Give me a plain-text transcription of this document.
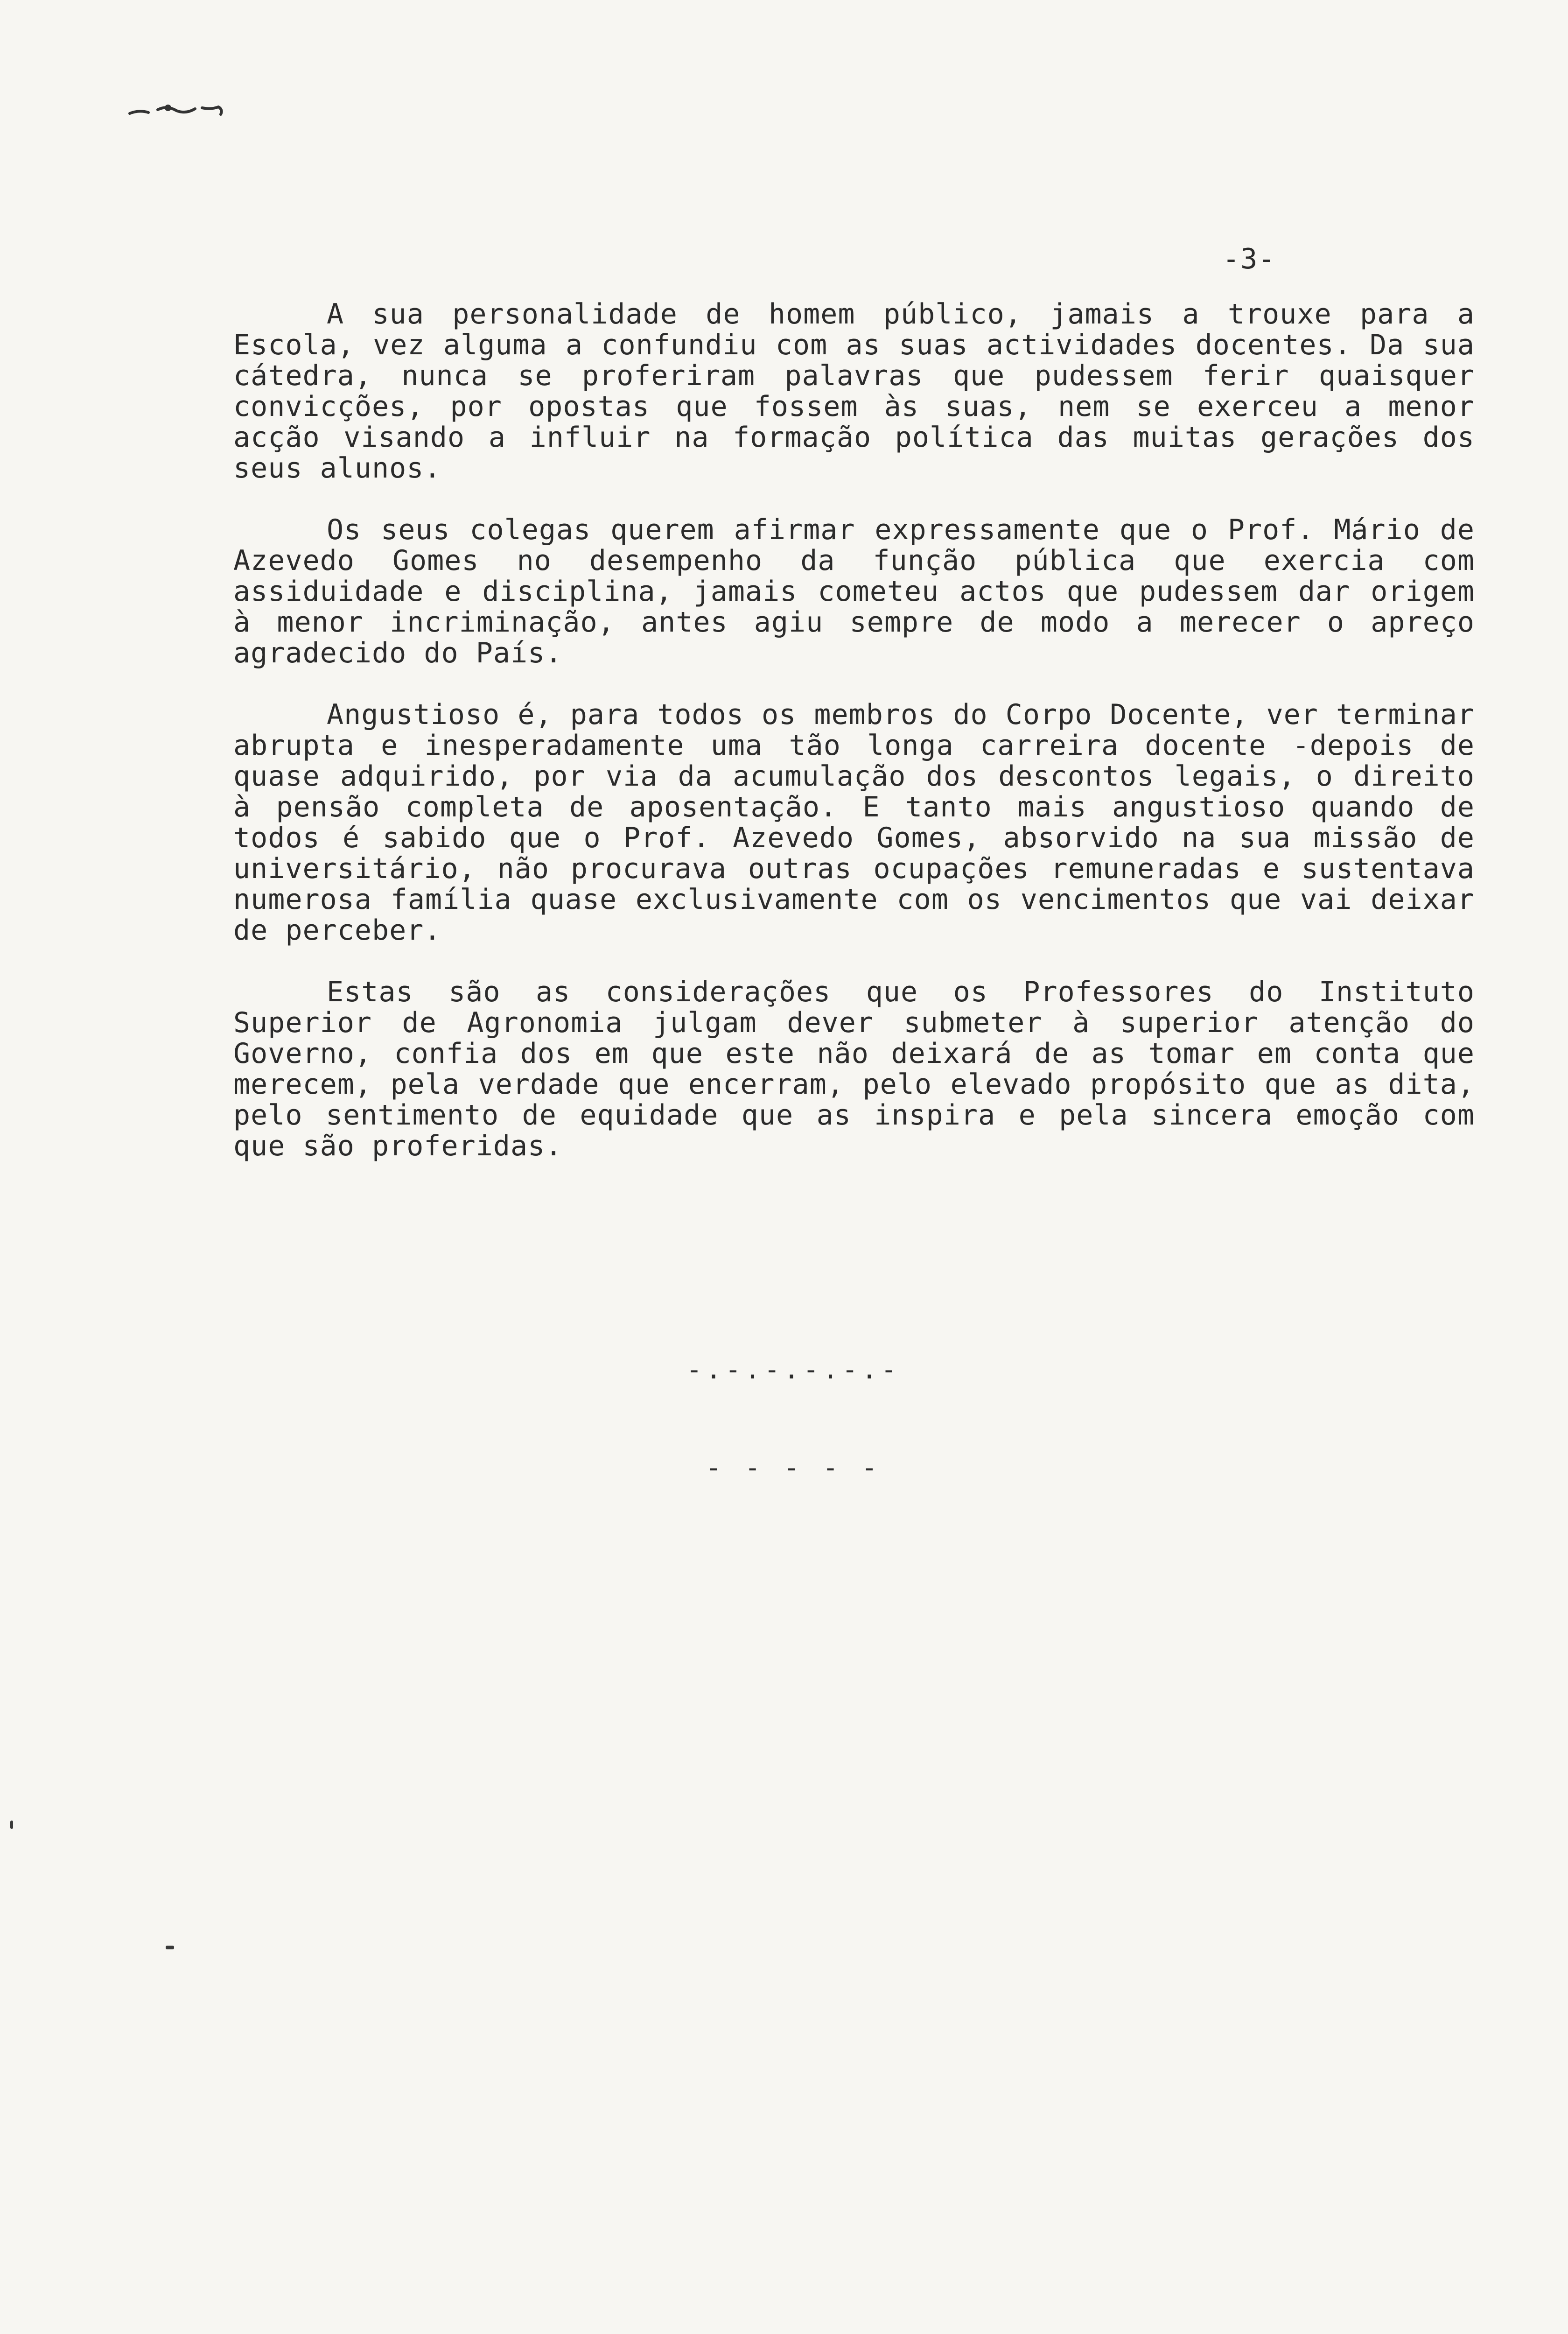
-3-

A sua personalidade de homem público, jamais a trouxe para a Escola, vez alguma a confundiu com as suas actividades docentes. Da sua cátedra, nunca se proferiram palavras que pudessem ferir quaisquer convicções, por opostas que fossem às suas, nem se exerceu a menor acção visando a influir na formação política das muitas gerações dos seus alunos.

Os seus colegas querem afirmar expressamente que o Prof. Mário de Azevedo Gomes no desempenho da função pública que exercia com assiduidade e disciplina, jamais cometeu actos que pudessem dar origem à menor incriminação, antes agiu sempre de modo a merecer o apreço agradecido do País.

Angustioso é, para todos os membros do Corpo Docente, ver terminar abrupta e inesperadamente uma tão longa carreira docente -depois de quase adquirido, por via da acumulação dos descontos legais, o direito à pensão completa de aposentação. E tanto mais angustioso quando de todos é sabido que o Prof. Azevedo Gomes, absorvido na sua missão de universitário, não procurava outras ocupações remuneradas e sustentava numerosa família quase exclusivamente com os vencimentos que vai deixar de perceber.

Estas são as considerações que os Professores do Instituto Superior de Agronomia julgam dever submeter à superior atenção do Governo, confia dos em que este não deixará de as tomar em conta que merecem, pela verdade que encerram, pelo elevado propósito que as dita, pelo sentimento de equidade que as inspira e pela sincera emoção com que são proferidas.

-.-.-.-.-.-

- - - - -
